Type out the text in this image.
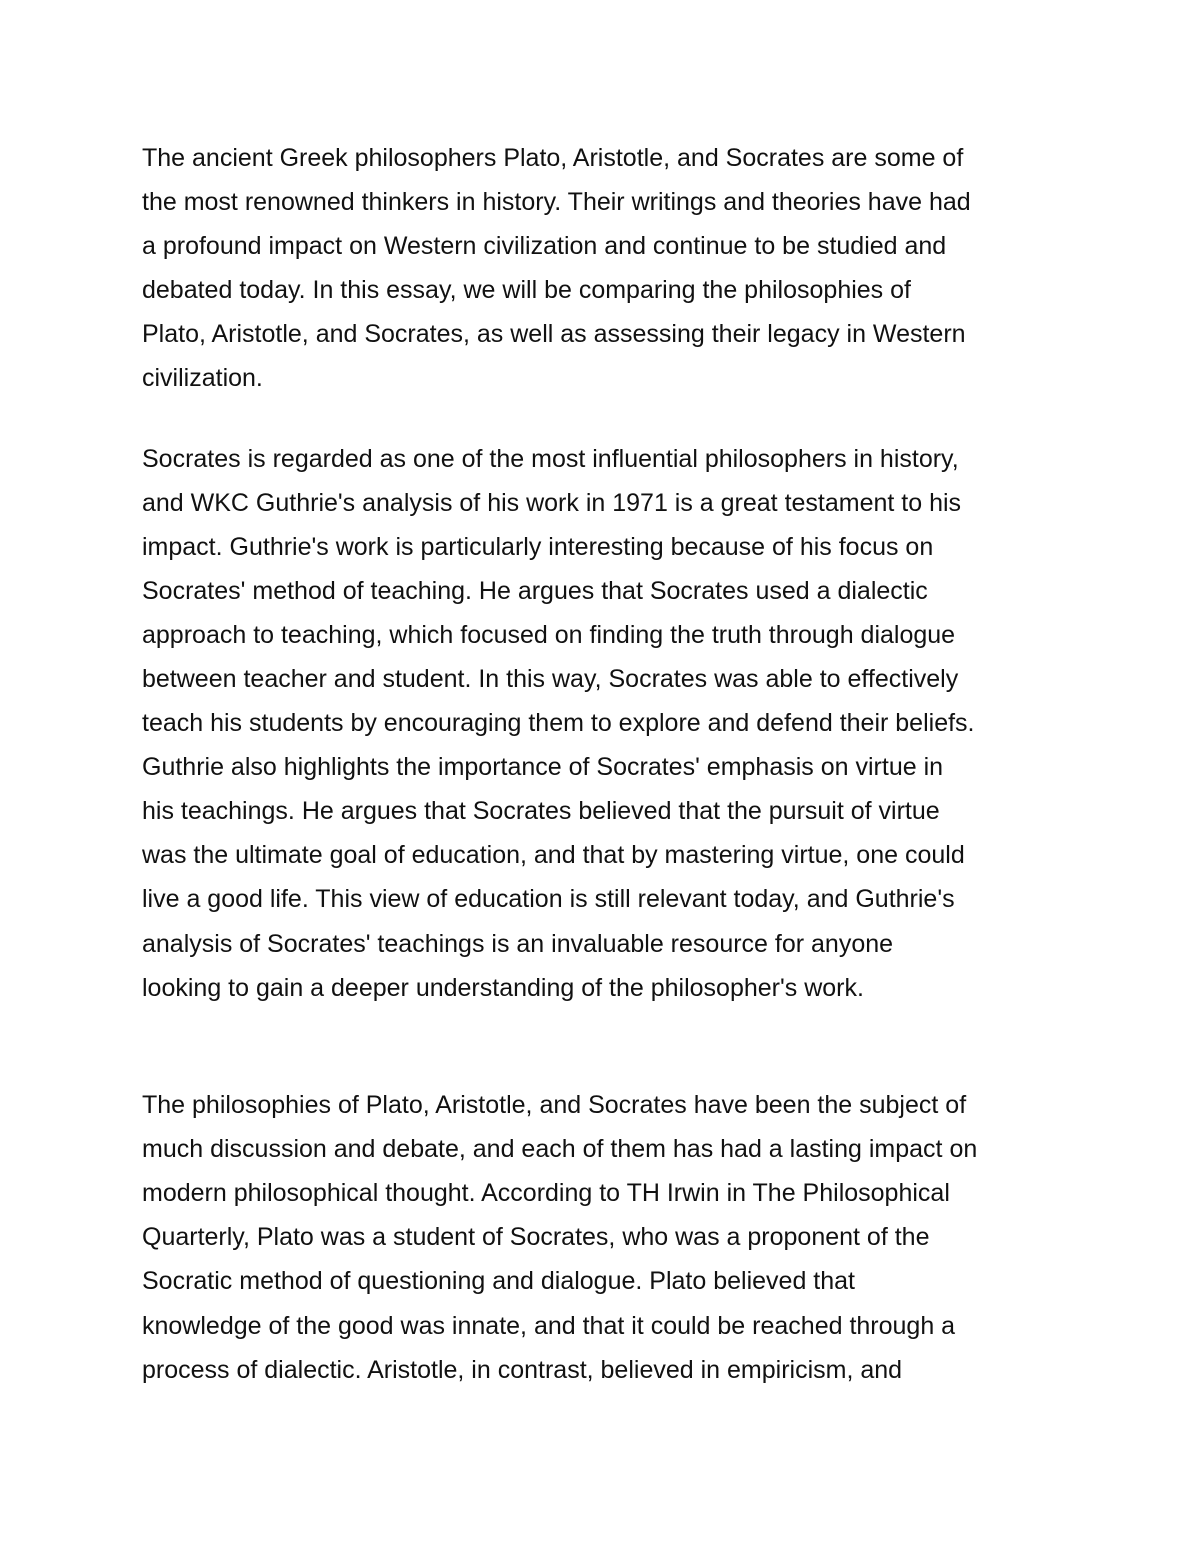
The ancient Greek philosophers Plato, Aristotle, and Socrates are some of
the most renowned thinkers in history. Their writings and theories have had
a profound impact on Western civilization and continue to be studied and
debated today. In this essay, we will be comparing the philosophies of
Plato, Aristotle, and Socrates, as well as assessing their legacy in Western
civilization.
Socrates is regarded as one of the most influential philosophers in history,
and WKC Guthrie's analysis of his work in 1971 is a great testament to his
impact. Guthrie's work is particularly interesting because of his focus on
Socrates' method of teaching. He argues that Socrates used a dialectic
approach to teaching, which focused on finding the truth through dialogue
between teacher and student. In this way, Socrates was able to effectively
teach his students by encouraging them to explore and defend their beliefs.
Guthrie also highlights the importance of Socrates' emphasis on virtue in
his teachings. He argues that Socrates believed that the pursuit of virtue
was the ultimate goal of education, and that by mastering virtue, one could
live a good life. This view of education is still relevant today, and Guthrie's
analysis of Socrates' teachings is an invaluable resource for anyone
looking to gain a deeper understanding of the philosopher's work.
The philosophies of Plato, Aristotle, and Socrates have been the subject of
much discussion and debate, and each of them has had a lasting impact on
modern philosophical thought. According to TH Irwin in The Philosophical
Quarterly, Plato was a student of Socrates, who was a proponent of the
Socratic method of questioning and dialogue. Plato believed that
knowledge of the good was innate, and that it could be reached through a
process of dialectic. Aristotle, in contrast, believed in empiricism, and
